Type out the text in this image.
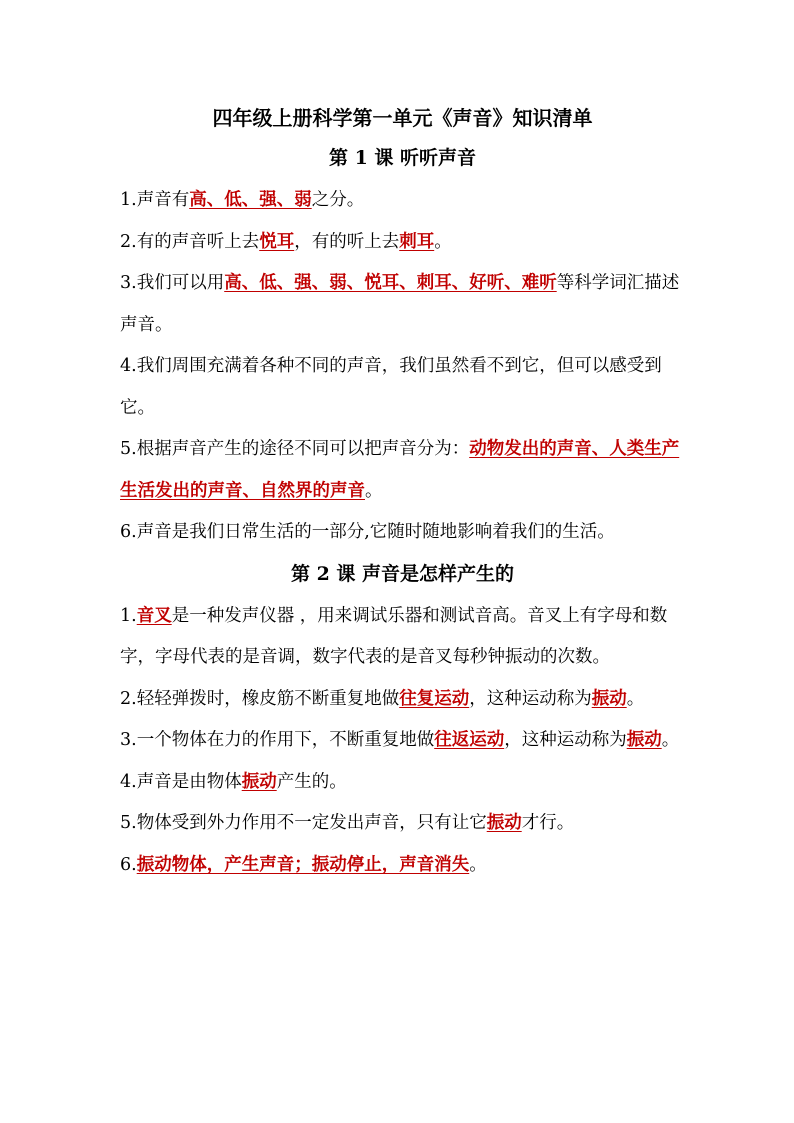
四年级上册科学第一单元《声音》知识清单
第 1 课 听听声音

1.声音有高、低、强、弱之分。

2.有的声音听上去悦耳，有的听上去刺耳。

3.我们可以用高、低、强、弱、悦耳、刺耳、好听、难听等科学词汇描述声音。

4.我们周围充满着各种不同的声音，我们虽然看不到它，但可以感受到它。

5.根据声音产生的途径不同可以把声音分为：动物发出的声音、人类生产生活发出的声音、自然界的声音。

6.声音是我们日常生活的一部分,它随时随地影响着我们的生活。

第 2 课 声音是怎样产生的

1.音叉是一种发声仪器 ，用来调试乐器和测试音高。音叉上有字母和数字，字母代表的是音调，数字代表的是音叉每秒钟振动的次数。

2.轻轻弹拨时，橡皮筋不断重复地做往复运动，这种运动称为振动。

3.一个物体在力的作用下，不断重复地做往返运动，这种运动称为振动。

4.声音是由物体振动产生的。

5.物体受到外力作用不一定发出声音，只有让它振动才行。

6.振动物体，产生声音；振动停止，声音消失。
